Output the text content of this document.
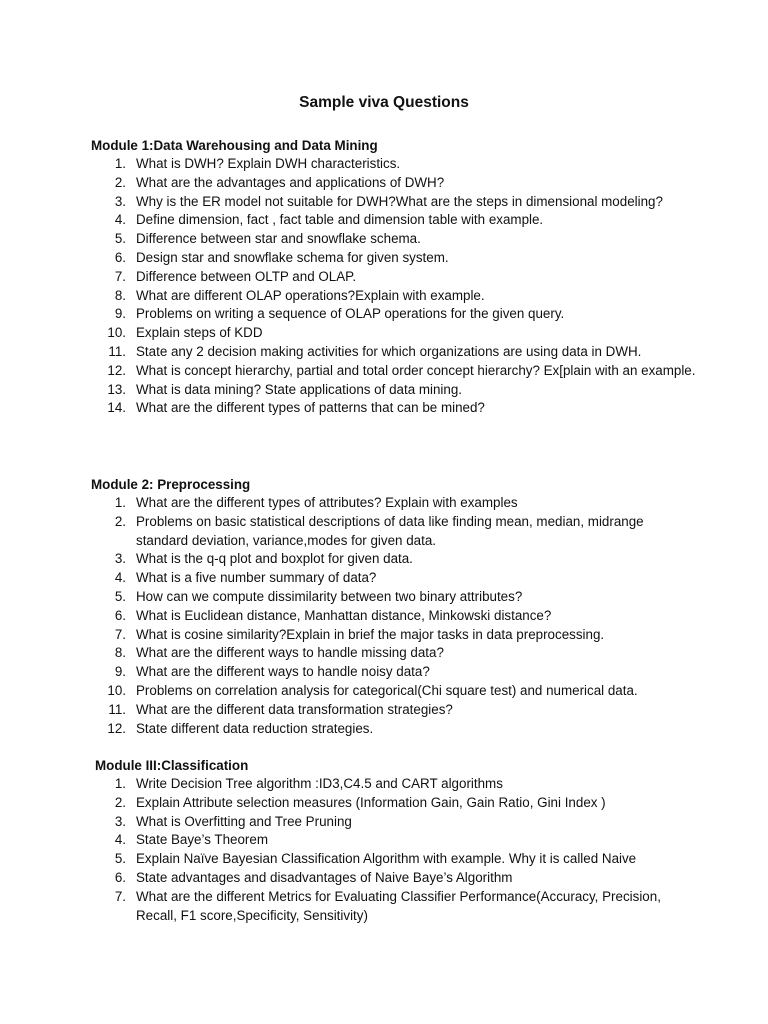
Sample viva Questions
Module 1:Data Warehousing and Data Mining
1. What is DWH? Explain DWH characteristics.
2. What are the advantages and applications of DWH?
3. Why is the ER model not suitable for DWH?What are the steps in dimensional modeling?
4. Define dimension, fact , fact table and dimension table with example.
5. Difference between star and snowflake schema.
6. Design star and snowflake schema for given system.
7. Difference between OLTP and OLAP.
8. What are different OLAP operations?Explain with example.
9. Problems on writing a sequence of OLAP operations for the given query.
10. Explain steps of KDD
11. State any 2 decision making activities for which organizations are using data in DWH.
12. What is concept hierarchy, partial and total order concept hierarchy? Ex[plain with an example.
13. What is data mining? State applications of data mining.
14. What are the different types of patterns that can be mined?
Module 2: Preprocessing
1. What are the different types of attributes? Explain with examples
2. Problems on basic statistical descriptions of data like finding mean, median, midrange standard deviation, variance,modes for given data.
3. What is the q-q plot and boxplot for given data.
4. What is a five number summary of data?
5. How can we compute dissimilarity between two binary attributes?
6. What is Euclidean distance, Manhattan distance, Minkowski distance?
7. What is cosine similarity?Explain in brief the major tasks in data preprocessing.
8. What are the different ways to handle missing data?
9. What are the different ways to handle noisy data?
10. Problems on correlation analysis for categorical(Chi square test) and numerical data.
11. What are the different data transformation strategies?
12. State different data reduction strategies.
Module III:Classification
1. Write Decision Tree algorithm :ID3,C4.5 and CART algorithms
2. Explain Attribute selection measures (Information Gain, Gain Ratio, Gini Index )
3. What is Overfitting and Tree Pruning
4. State Baye’s Theorem
5. Explain Naïve Bayesian Classification Algorithm with example. Why it is called Naive
6. State advantages and disadvantages of Naive Baye’s Algorithm
7. What are the different Metrics for Evaluating Classifier Performance(Accuracy, Precision, Recall, F1 score,Specificity, Sensitivity)
